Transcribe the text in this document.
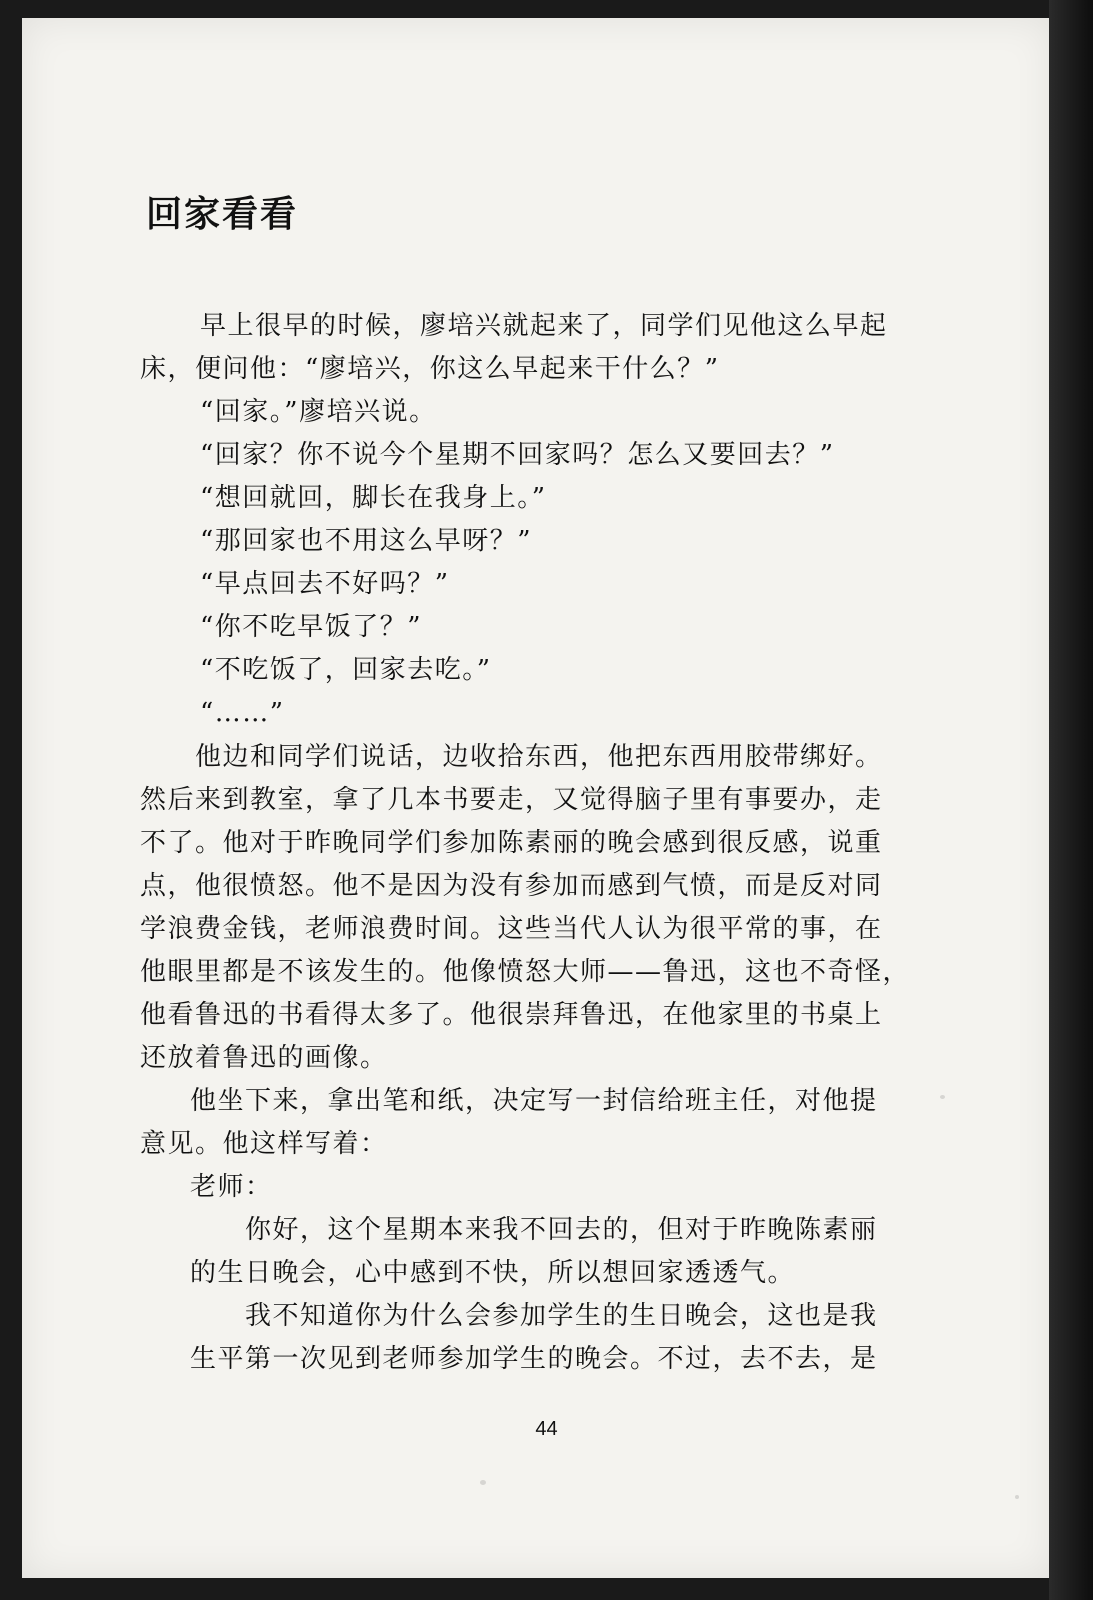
回家看看
早上很早的时候，廖培兴就起来了，同学们见他这么早起
床，便问他：“廖培兴，你这么早起来干什么？”
“回家。”廖培兴说。
“回家？你不说今个星期不回家吗？怎么又要回去？”
“想回就回，脚长在我身上。”
“那回家也不用这么早呀？”
“早点回去不好吗？”
“你不吃早饭了？”
“不吃饭了，回家去吃。”
“……”
他边和同学们说话，边收拾东西，他把东西用胶带绑好。
然后来到教室，拿了几本书要走，又觉得脑子里有事要办，走
不了。他对于昨晚同学们参加陈素丽的晚会感到很反感，说重
点，他很愤怒。他不是因为没有参加而感到气愤，而是反对同
学浪费金钱，老师浪费时间。这些当代人认为很平常的事，在
他眼里都是不该发生的。他像愤怒大师——鲁迅，这也不奇怪，
他看鲁迅的书看得太多了。他很崇拜鲁迅，在他家里的书桌上
还放着鲁迅的画像。
他坐下来，拿出笔和纸，决定写一封信给班主任，对他提
意见。他这样写着：
老师：
你好，这个星期本来我不回去的，但对于昨晚陈素丽
的生日晚会，心中感到不快，所以想回家透透气。
我不知道你为什么会参加学生的生日晚会，这也是我
生平第一次见到老师参加学生的晚会。不过，去不去，是
44
